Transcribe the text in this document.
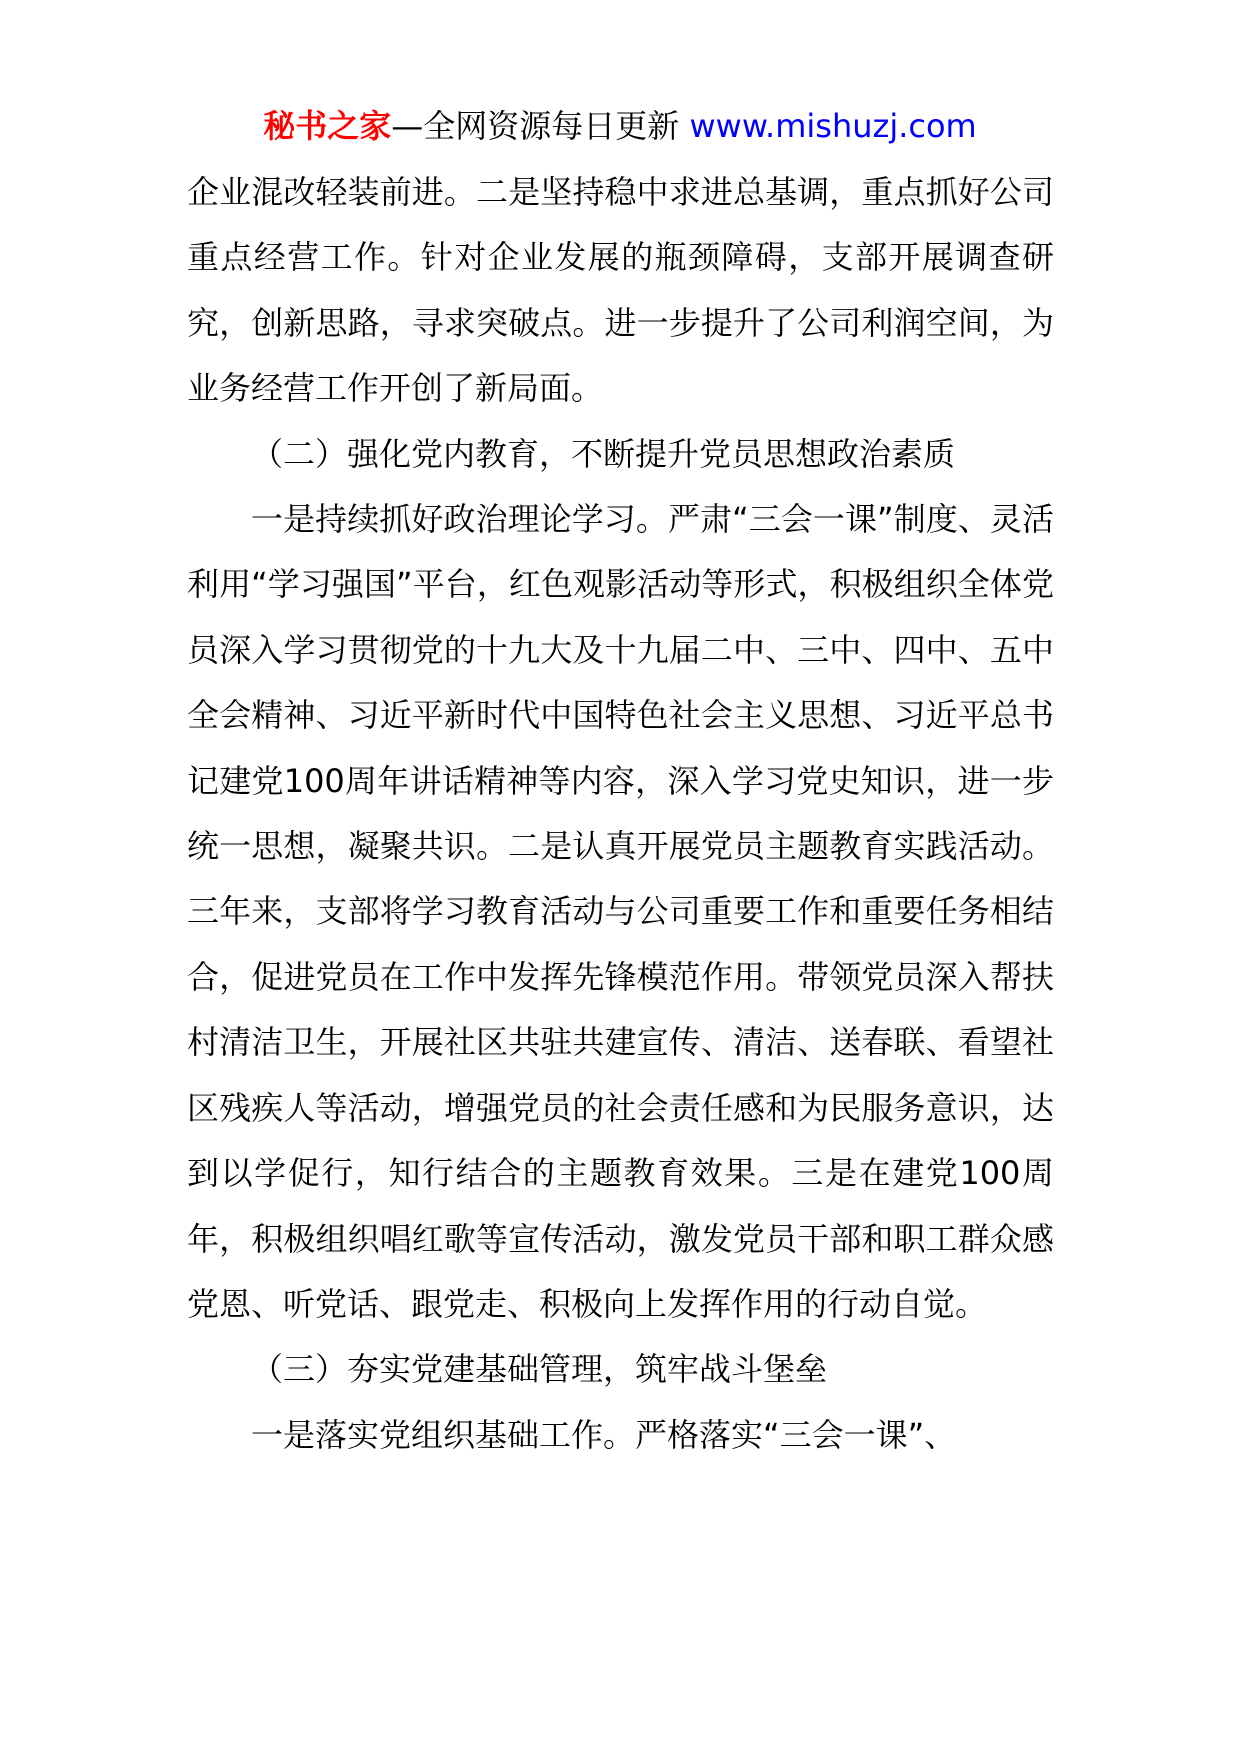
秘书之家—全网资源每日更新 www.mishuzj.com

企业混改轻装前进。二是坚持稳中求进总基调，重点抓好公司重点经营工作。针对企业发展的瓶颈障碍，支部开展调查研究，创新思路，寻求突破点。进一步提升了公司利润空间，为业务经营工作开创了新局面。

（二）强化党内教育，不断提升党员思想政治素质

一是持续抓好政治理论学习。严肃“三会一课”制度、灵活利用“学习强国”平台，红色观影活动等形式，积极组织全体党员深入学习贯彻党的十九大及十九届二中、三中、四中、五中全会精神、习近平新时代中国特色社会主义思想、习近平总书记建党100周年讲话精神等内容，深入学习党史知识，进一步统一思想，凝聚共识。二是认真开展党员主题教育实践活动。三年来，支部将学习教育活动与公司重要工作和重要任务相结合，促进党员在工作中发挥先锋模范作用。带领党员深入帮扶村清洁卫生，开展社区共驻共建宣传、清洁、送春联、看望社区残疾人等活动，增强党员的社会责任感和为民服务意识，达到以学促行，知行结合的主题教育效果。三是在建党100周年，积极组织唱红歌等宣传活动，激发党员干部和职工群众感党恩、听党话、跟党走、积极向上发挥作用的行动自觉。

（三）夯实党建基础管理，筑牢战斗堡垒

一是落实党组织基础工作。严格落实“三会一课”、
